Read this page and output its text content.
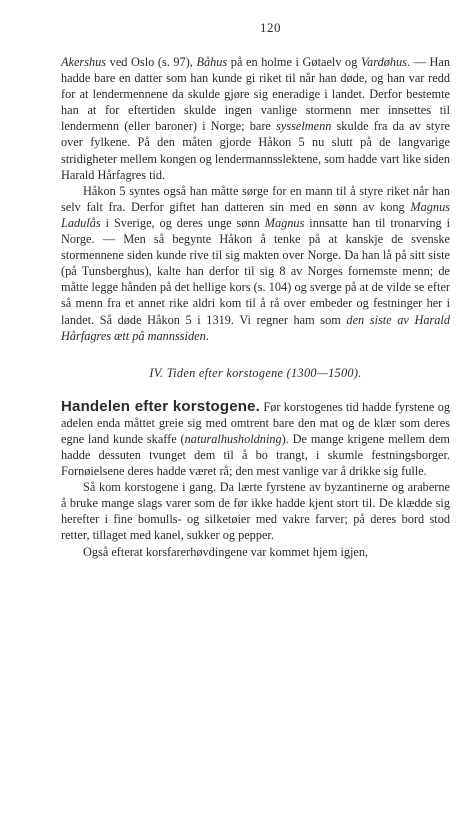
120

Akershus ved Oslo (s. 97), Båhus på en holme i Gøtaelv og Vardøhus. — Han hadde bare en datter som han kunde gi riket til når han døde, og han var redd for at lendermennene da skulde gjøre sig eneradige i landet. Derfor bestemte han at for eftertiden skulde ingen vanlige stormenn mer innsettes til lendermenn (eller baroner) i Norge; bare sysselmenn skulde fra da av styre over fylkene. På den måten gjorde Håkon 5 nu slutt på de langvarige stridigheter mellem kongen og lendermannsslektene, som hadde vart like siden Harald Hårfagres tid.

Håkon 5 syntes også han måtte sørge for en mann til å styre riket når han selv falt fra. Derfor giftet han datteren sin med en sønn av kong Magnus Ladulås i Sverige, og deres unge sønn Magnus innsatte han til tronarving i Norge. — Men så begynte Håkon å tenke på at kanskje de svenske stormennene siden kunde rive til sig makten over Norge. Da han lå på sitt siste (på Tunsberghus), kalte han derfor til sig 8 av Norges fornemste menn; de måtte legge hånden på det hellige kors (s. 104) og sverge på at de vilde se efter så menn fra et annet rike aldri kom til å rå over embeder og festninger her i landet. Så døde Håkon 5 i 1319. Vi regner ham som den siste av Harald Hårfagres ætt på mannssiden.

IV. Tiden efter korstogene (1300—1500).

Handelen efter korstogene. Før korstogenes tid hadde fyrstene og adelen enda måttet greie sig med omtrent bare den mat og de klær som deres egne land kunde skaffe (naturalhusholdning). De mange krigene mellem dem hadde dessuten tvunget dem til å bo trangt, i skumle festningsborger. Fornøielsene deres hadde været rå; den mest vanlige var å drikke sig fulle.

Så kom korstogene i gang. Da lærte fyrstene av byzantinerne og araberne å bruke mange slags varer som de før ikke hadde kjent stort til. De klædde sig herefter i fine bomulls- og silketøier med vakre farver; på deres bord stod retter, tillaget med kanel, sukker og pepper.

Også efterat korsfarerhøvdingene var kommet hjem igjen,
